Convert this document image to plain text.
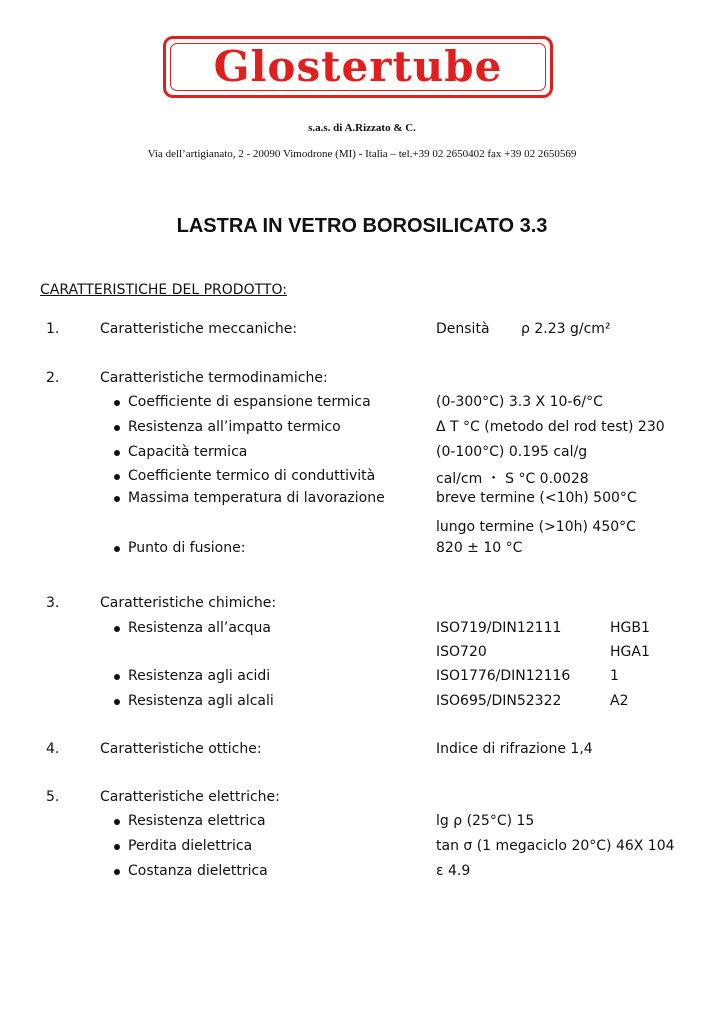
Glostertube
s.a.s. di A.Rizzato & C.
Via dell’artigianato, 2 - 20090 Vimodrone (MI) - Italia – tel.+39 02 2650402 fax +39 02 2650569
LASTRA IN VETRO BOROSILICATO 3.3
CARATTERISTICHE DEL PRODOTTO:
1.	Caratteristiche meccaniche:	Densità ρ 2.23 g/cm²
2.	Caratteristiche termodinamiche:
Coefficiente di espansione termica	(0-300°C) 3.3 X 10-6/°C
Resistenza all’impatto termico	Δ T °C (metodo del rod test) 230
Capacità termica	(0-100°C) 0.195 cal/g
Coefficiente termico di conduttività	cal/cm ・ S °C 0.0028
Massima temperatura di lavorazione	breve termine (<10h) 500°C
lungo termine (>10h) 450°C
Punto di fusione:	820 ± 10 °C
3.	Caratteristiche chimiche:
Resistenza all’acqua	ISO719/DIN12111	HGB1
ISO720	HGA1
Resistenza agli acidi	ISO1776/DIN12116	1
Resistenza agli alcali	ISO695/DIN52322	A2
4.	Caratteristiche ottiche:	Indice di rifrazione 1,4
5.	Caratteristiche elettriche:
Resistenza elettrica	lg ρ (25°C) 15
Perdita dielettrica	tan σ (1 megaciclo 20°C) 46X 104
Costanza dielettrica	ε 4.9
